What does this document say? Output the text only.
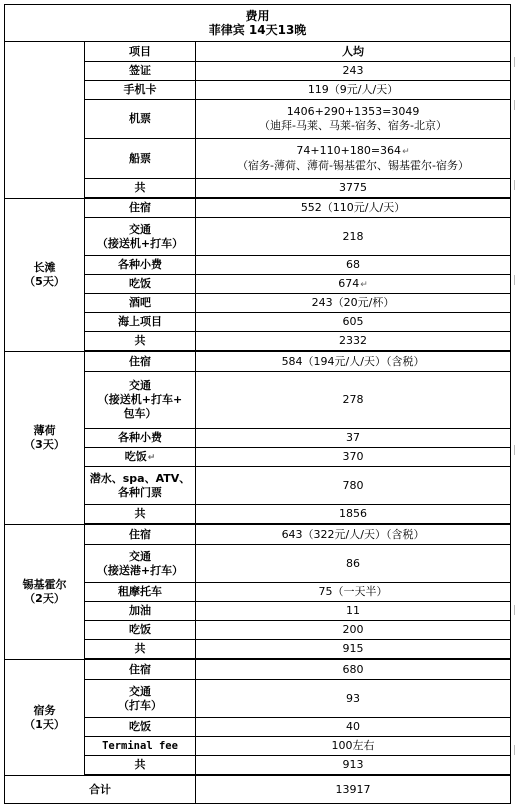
费用
菲律宾 14天13晚		

	项目	人均
	签证	243
	手机卡	119（9元/人/天）
	机票	1406+290+1353=3049
（迪拜-马莱、马莱-宿务、宿务-北京）

	船票	74+110+180=364↵
（宿务-薄荷、薄荷-锡基霍尔、锡基霍尔-宿务）

	共	3775

长滩
（5天）	住宿	552（110元/人/天）

	交通
（接送机+打车）	218
	各种小费	68
	吃饭	674↵
	酒吧	243（20元/杯）
	海上项目	605
	共	2332

薄荷
（3天）	住宿	584（194元/人/天）（含税）

	交通
（接送机+打车+
包车）	278
	各种小费	37
	吃饭↵	370

	潜水、spa、ATV、
各种门票	780
	共	1856

锡基霍尔
（2天）	住宿	643（322元/人/天）（含税）

	交通
（接送港+打车）	86
	租摩托车	75（一天半）
	加油	11
	吃饭	200
	共	915

宿务
（1天）	住宿	680

	交通
（打车）	93
	吃饭	40
	Terminal fee	100左右
	共	913

合计		13917
